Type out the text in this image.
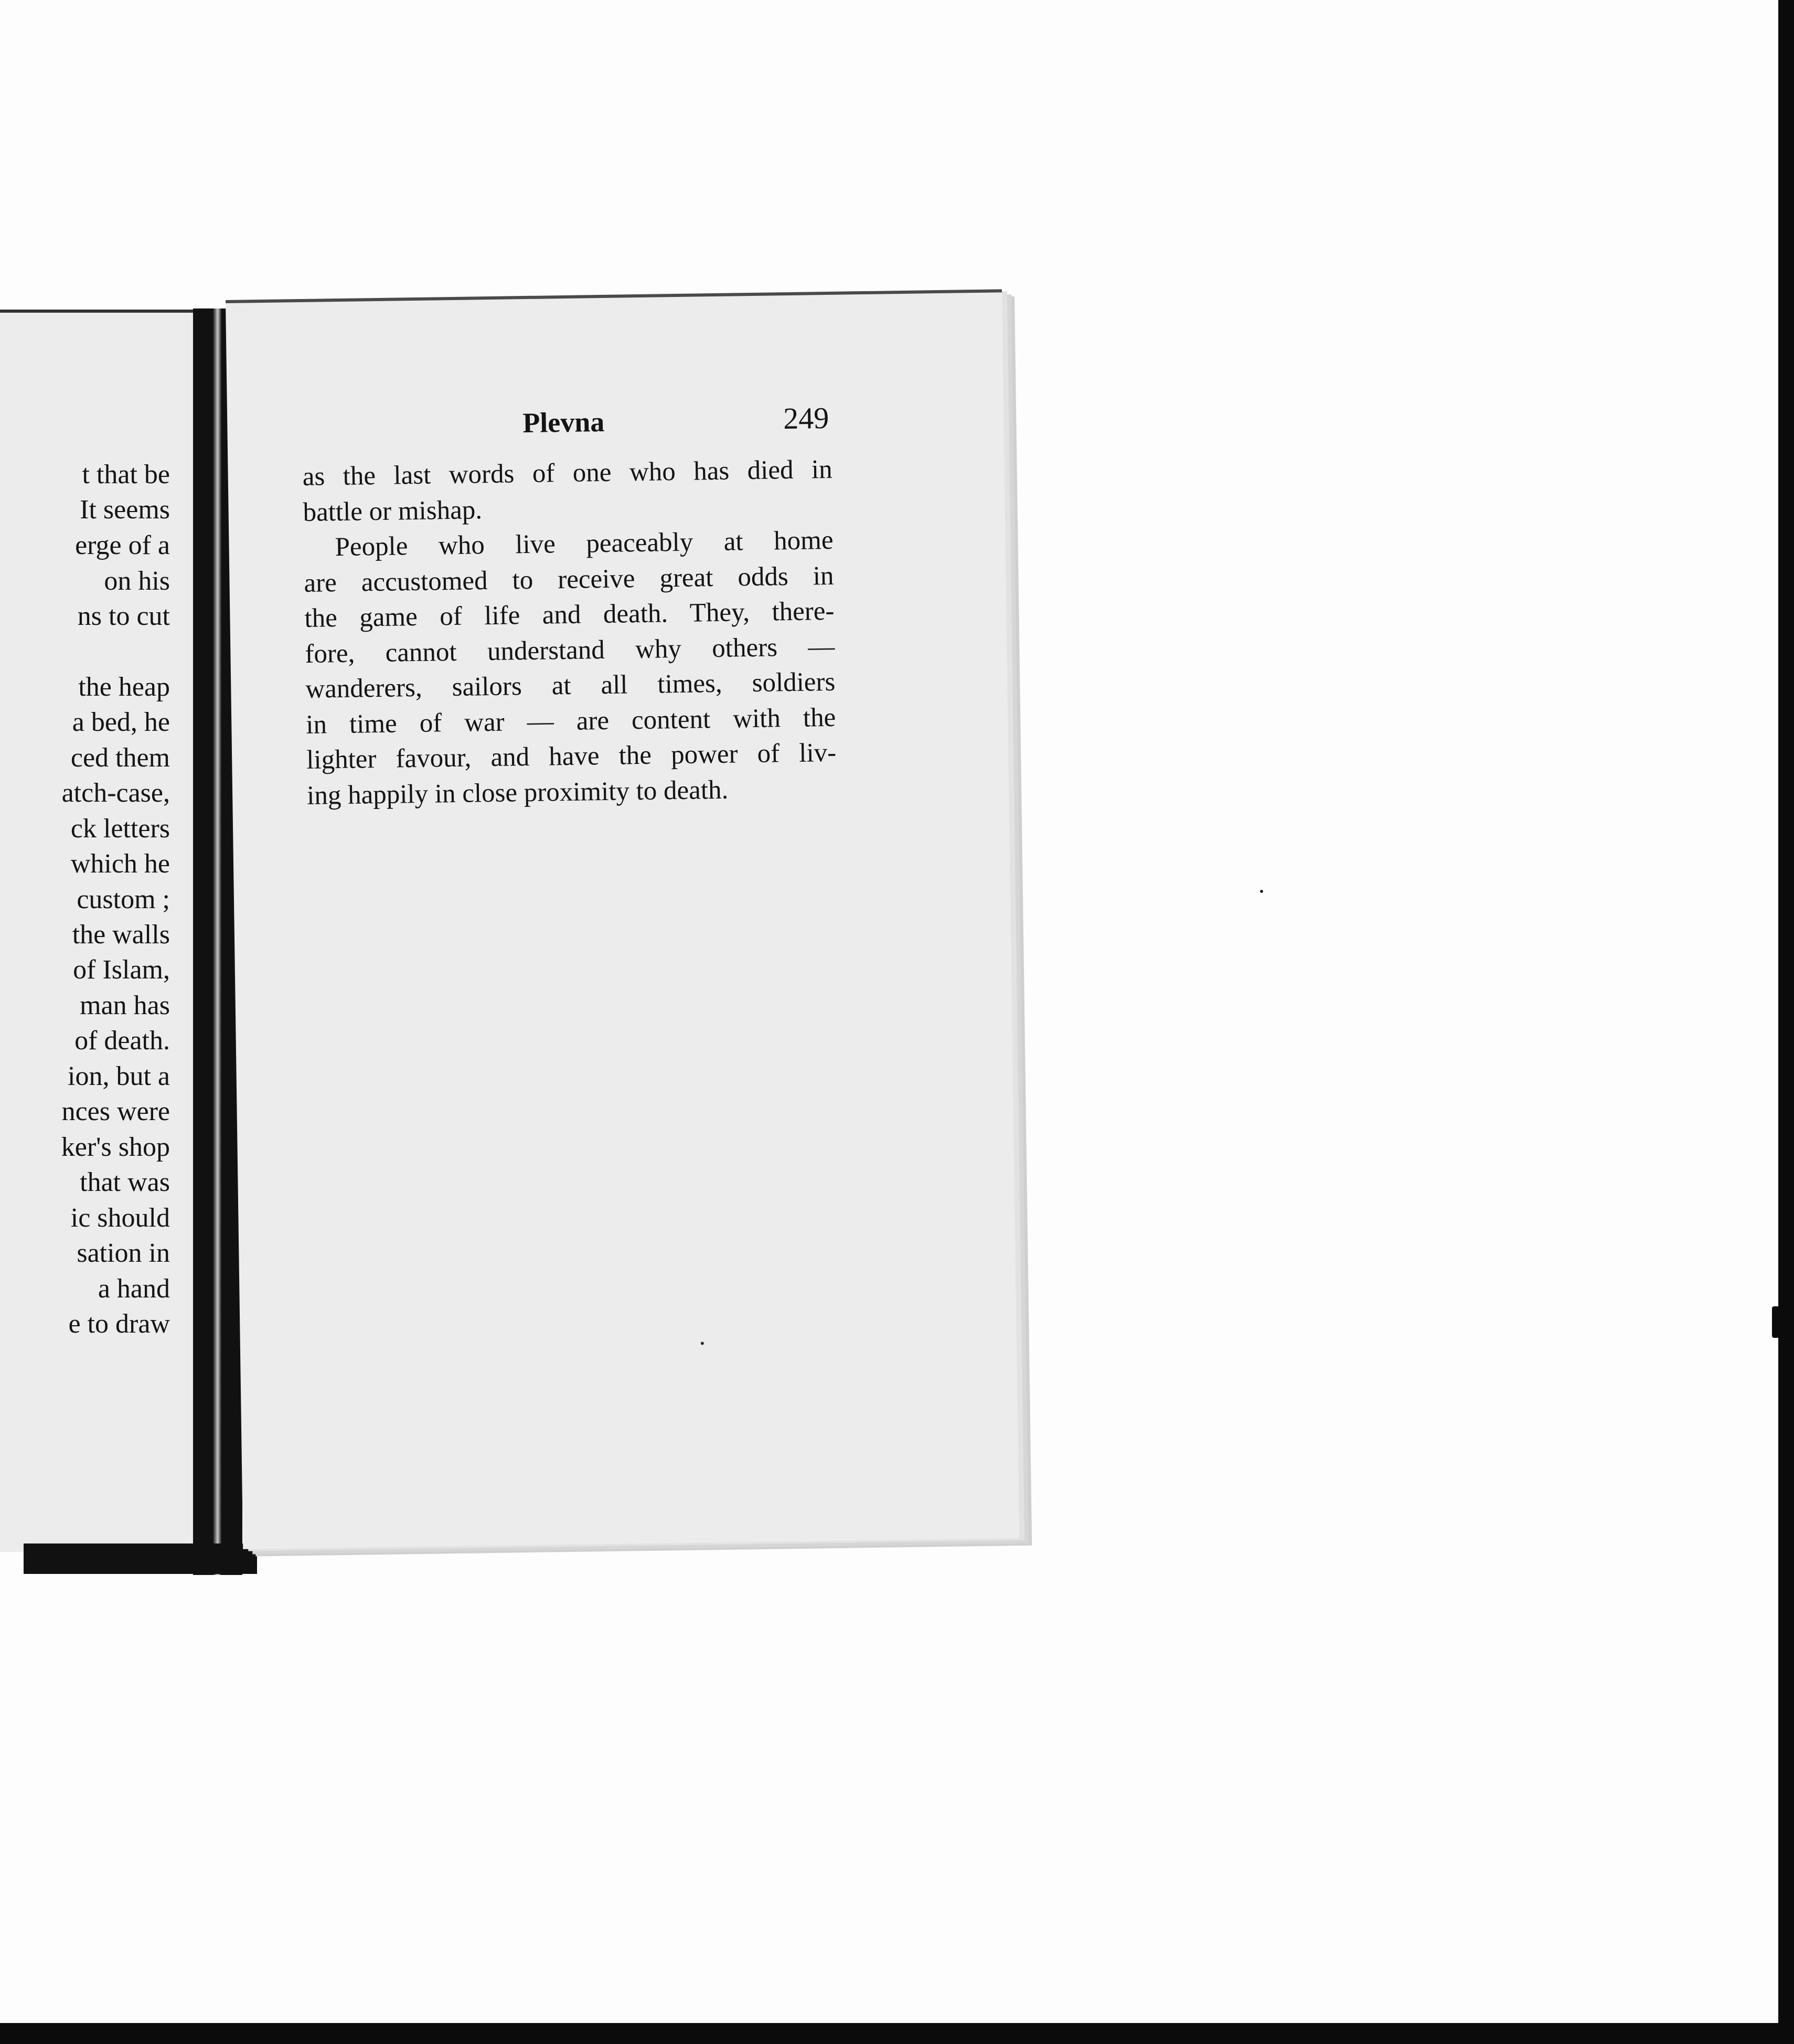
t that be
It seems
erge of a
on his
ns to cut
the heap
a bed, he
ced them
atch-case,
ck letters
which he
custom ;
the walls
of Islam,
man has
of death.
ion, but a
nces were
ker's shop
that was
ic should
sation in
a hand
e to draw
Plevna	249
as the last words of one who has died in
battle or mishap.
People who live peaceably at home
are accustomed to receive great odds in
the game of life and death. They, there-
fore, cannot understand why others —
wanderers, sailors at all times, soldiers
in time of war — are content with the
lighter favour, and have the power of liv-
ing happily in close proximity to death.
